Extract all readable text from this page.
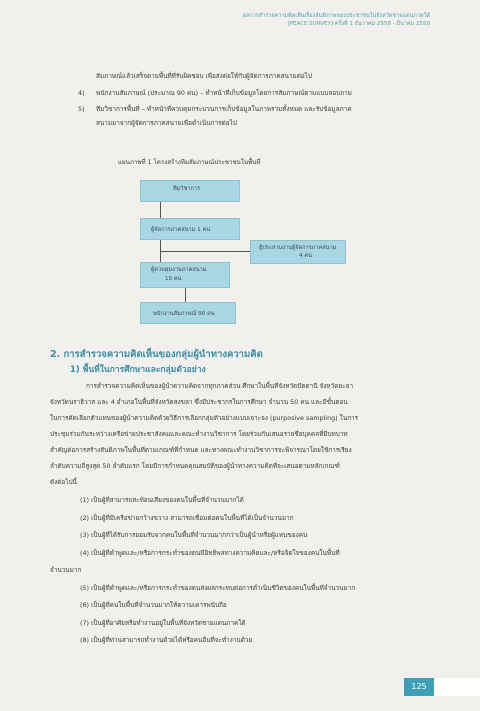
ผลการสำรวจความคิดเห็นเรื่องสันติภาพของประชาชนในจังหวัดชายแดนภาคใต้
[PEACE SURVEY] ครั้งที่ 1 ธันวาคม 2558 - มีนาคม 2559
สัมภาษณ์แล้วเสร็จตามพื้นที่ที่รับผิดชอบ เพื่อส่งต่อให้กับผู้จัดการภาคสนามต่อไป
4) พนักงานสัมภาษณ์ (ประมาณ 90 คน) – ทำหน้าที่เก็บข้อมูลโดยการสัมภาษณ์ตามแบบสอบถาม
5) ทีมวิชาการพื้นที่ – ทำหน้าที่ควบคุมกระบวนการเก็บข้อมูลในภาพรวมทั้งหมด และรับข้อมูลภาค
สนามมาจากผู้จัดการภาคสนามเพื่อดำเนินการต่อไป
แผนภาพที่ 1 โครงสร้างทีมสัมภาษณ์ประชาชนในพื้นที่
ทีมวิชาการ
ผู้จัดการภาคสนาม 1 คน
ผู้ประสานงานผู้จัดการภาคสนาม
4 คน
ผู้ควบคุมงานภาคสนาม
10 คน
พนักงานสัมภาษณ์ 90 คน
2. การสำรวจความคิดเห็นของกลุ่มผู้นำทางความคิด
1) พื้นที่ในการศึกษาและกลุ่มตัวอย่าง
การสำรวจความคิดเห็นของผู้นำความคิดจากทุกภาคส่วน ศึกษาในพื้นที่จังหวัดปัตตานี จังหวัดยะลา
จังหวัดนราธิวาส และ 4 อำเภอในพื้นที่จังหวัดสงขลา ซึ่งมีประชากรในการศึกษา จำนวน 50 คน และมีขั้นตอน
ในการคัดเลือกตัวแทนของผู้นำความคิดด้วยวิธีการเลือกกลุ่มตัวอย่างแบบเจาะจง (purposive sampling) ในการ
ประชุมร่วมกันระหว่างเครือข่ายประชาสังคมและคณะทำงานวิชาการ โดยร่วมกันเสนอรายชื่อบุคคลที่มีบทบาท
สำคัญต่อการสร้างสันติภาพในพื้นที่ตามเกณฑ์ที่กำหนด และทางคณะทำงานวิชาการจะพิจารณาโดยใช้การเรียง
ลำดับความถี่สูงสุด 50 ลำดับแรก โดยมีการกำหนดคุณสมบัติของผู้นำทางความคิดที่จะเสนอตามหลักเกณฑ์
ดังต่อไปนี้
(1) เป็นผู้ที่สามารถสะท้อนเสียงของคนในพื้นที่จำนวนมากได้
(2) เป็นผู้ที่มีเครือข่ายกว้างขวาง สามารถเชื่อมต่อคนในพื้นที่ได้เป็นจำนวนมาก
(3) เป็นผู้ที่ได้รับการยอมรับจากคนในพื้นที่จำนวนมากกว่าเป็นผู้นำหรือผู้แทนของคน
(4) เป็นผู้ที่คำพูดและ/หรือการกระทำของตนมีอิทธิพลทางความคิดและ/หรือจิตใจของคนในพื้นที่
จำนวนมาก
(5) เป็นผู้ที่คำพูดและ/หรือการกระทำของตนส่งผลกระทบต่อการดำเนินชีวิตของคนในพื้นที่จำนวนมาก
(6) เป็นผู้ที่คนในพื้นที่จำนวนมากให้ความเคารพนับถือ
(7) เป็นผู้ที่อาศัยหรือทำงานอยู่ในพื้นที่จังหวัดชายแดนภาคใต้
(8) เป็นผู้ที่ท่านสามารถทำงานด้วยได้หรือคนอื่นที่จะทำงานด้วย
125
